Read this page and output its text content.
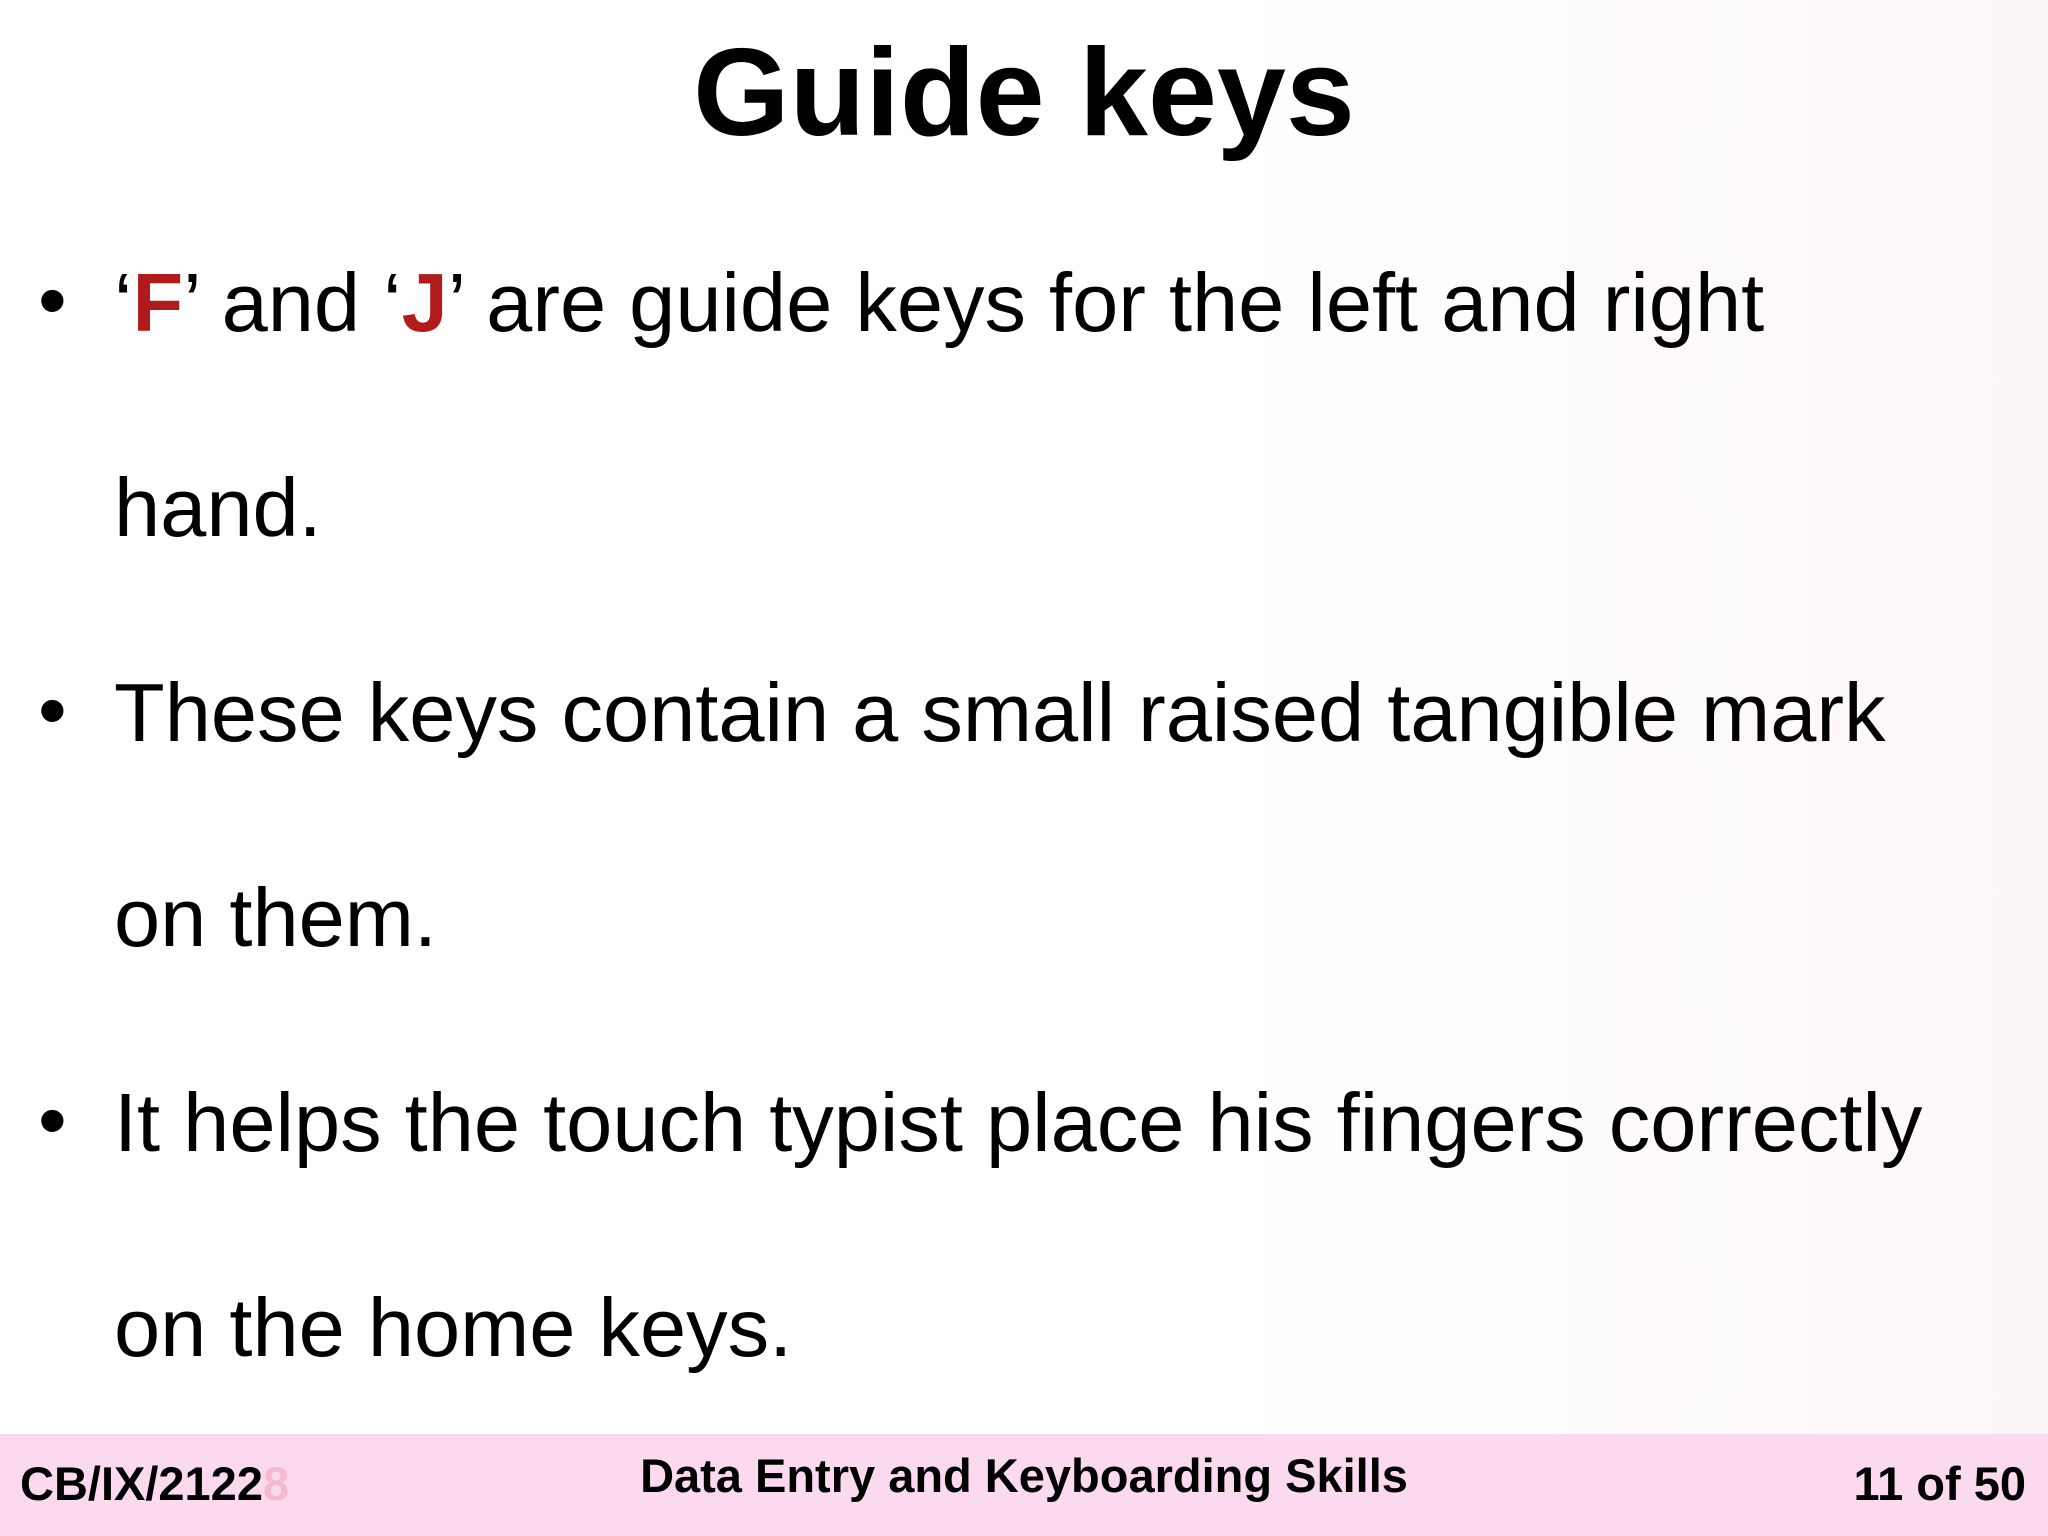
Guide keys
• ‘F’ and ‘J’ are guide keys for the left and right
hand.
• These keys contain a small raised tangible mark
on them.
• It helps the touch typist place his fingers correctly
on the home keys.
CB/IX/21228	Data Entry and Keyboarding Skills	11 of 50
